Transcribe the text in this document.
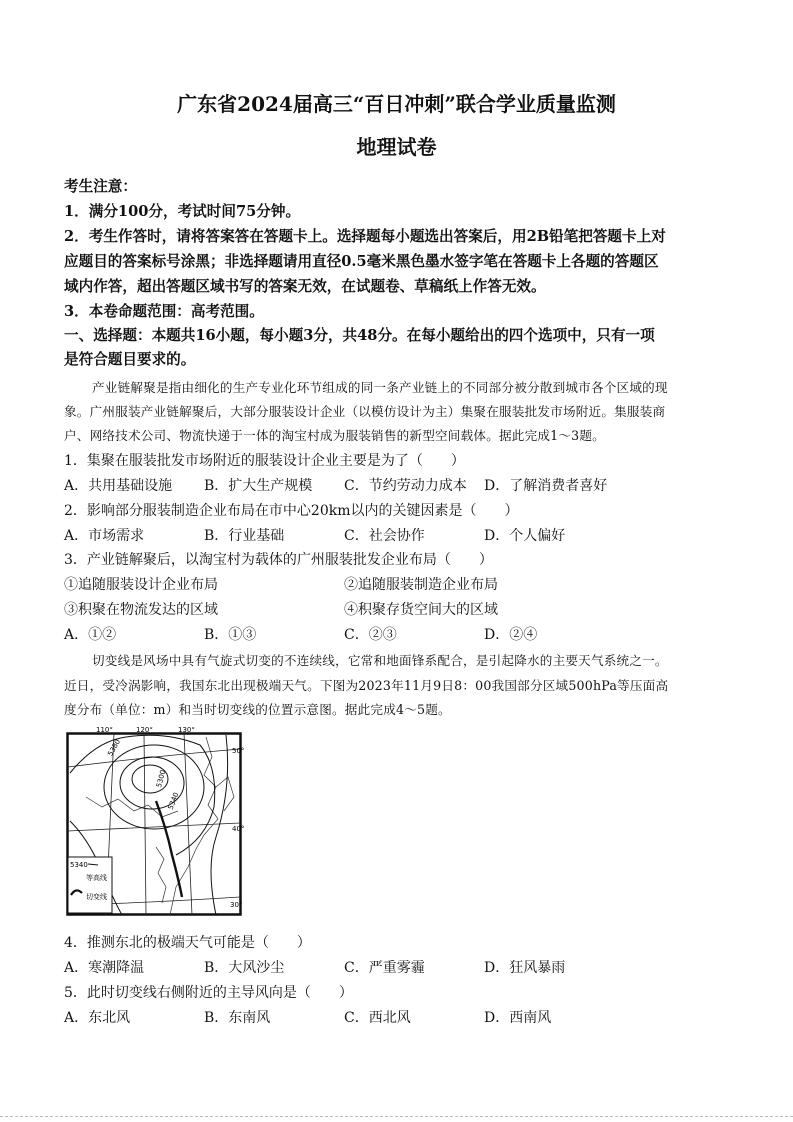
广东省2024届高三“百日冲刺”联合学业质量监测
地理试卷
考生注意：
1．满分100分，考试时间75分钟。
2．考生作答时，请将答案答在答题卡上。选择题每小题选出答案后，用2B铅笔把答题卡上对
应题目的答案标号涂黑；非选择题请用直径0.5毫米黑色墨水签字笔在答题卡上各题的答题区
域内作答，超出答题区域书写的答案无效，在试题卷、草稿纸上作答无效。
3．本卷命题范围：高考范围。
一、选择题：本题共16小题，每小题3分，共48分。在每小题给出的四个选项中，只有一项
是符合题目要求的。
产业链解聚是指由细化的生产专业化环节组成的同一条产业链上的不同部分被分散到城市各个区域的现
象。广州服装产业链解聚后，大部分服装设计企业（以模仿设计为主）集聚在服装批发市场附近。集服装商
户、网络技术公司、物流快递于一体的淘宝村成为服装销售的新型空间载体。据此完成1～3题。
1．集聚在服装批发市场附近的服装设计企业主要是为了（　　）
A．共用基础设施 B．扩大生产规模 C．节约劳动力成本 D．了解消费者喜好
2．影响部分服装制造企业布局在市中心20km以内的关键因素是（　　）
A．市场需求	B．行业基础	C．社会协作	D．个人偏好
3．产业链解聚后，以淘宝村为载体的广州服装批发企业布局（　　）
①追随服装设计企业布局	②追随服装制造企业布局
③积聚在物流发达的区域	④积聚存货空间大的区域
A．①②	B．①③	C．②③	D．②④
切变线是风场中具有气旋式切变的不连续线，它常和地面锋系配合，是引起降水的主要天气系统之一。
近日，受冷涡影响，我国东北出现极端天气。下图为2023年11月9日8：00我国部分区域500hPa等压面高
度分布（单位：m）和当时切变线的位置示意图。据此完成4～5题。
110°	120°	130°
50°
40°
30°
5380
5300
5340
5340
等高线
切变线
4．推测东北的极端天气可能是（　　）
A．寒潮降温	B．大风沙尘	C．严重雾霾	D．狂风暴雨
5．此时切变线右侧附近的主导风向是（　　）
A．东北风	B．东南风	C．西北风	D．西南风
